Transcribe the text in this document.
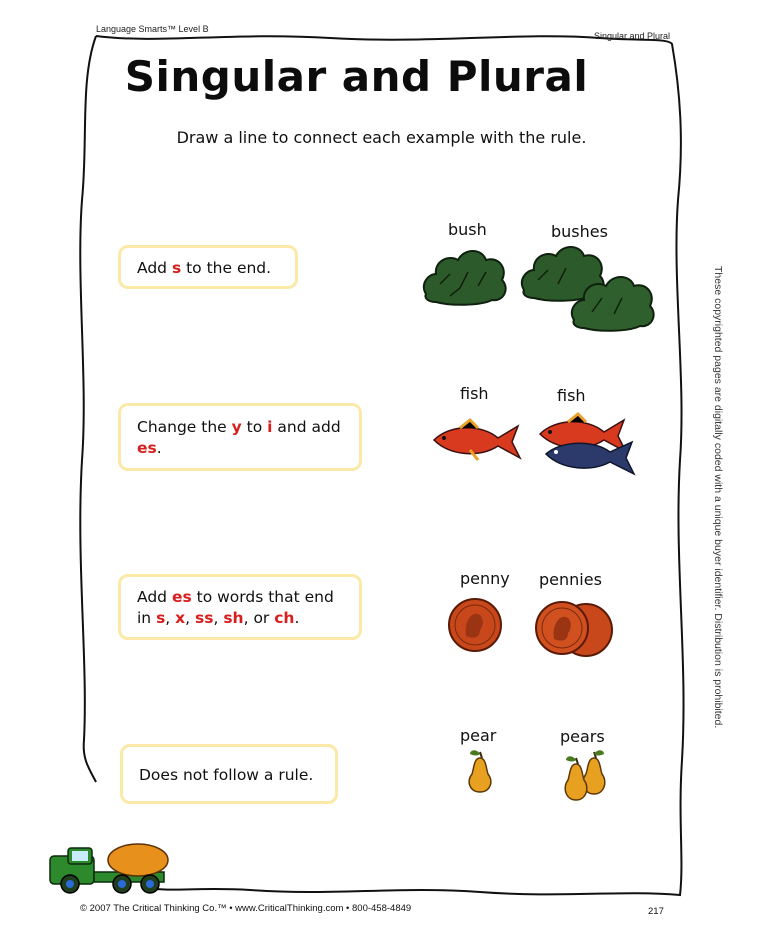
Language Smarts™ Level B
Singular and Plural
Singular and Plural
Draw a line to connect each example with the rule.
Add s to the end.
Change the y to i and add es.
Add es to words that end in s, x, ss, sh, or ch.
Does not follow a rule.
bush	bushes
fish	fish
penny pennies
pear	pears
These copyrighted pages are digitally coded with a unique buyer identifier. Distribution is prohibited.
© 2007 The Critical Thinking Co.™ • www.CriticalThinking.com • 800-458-4849	217
